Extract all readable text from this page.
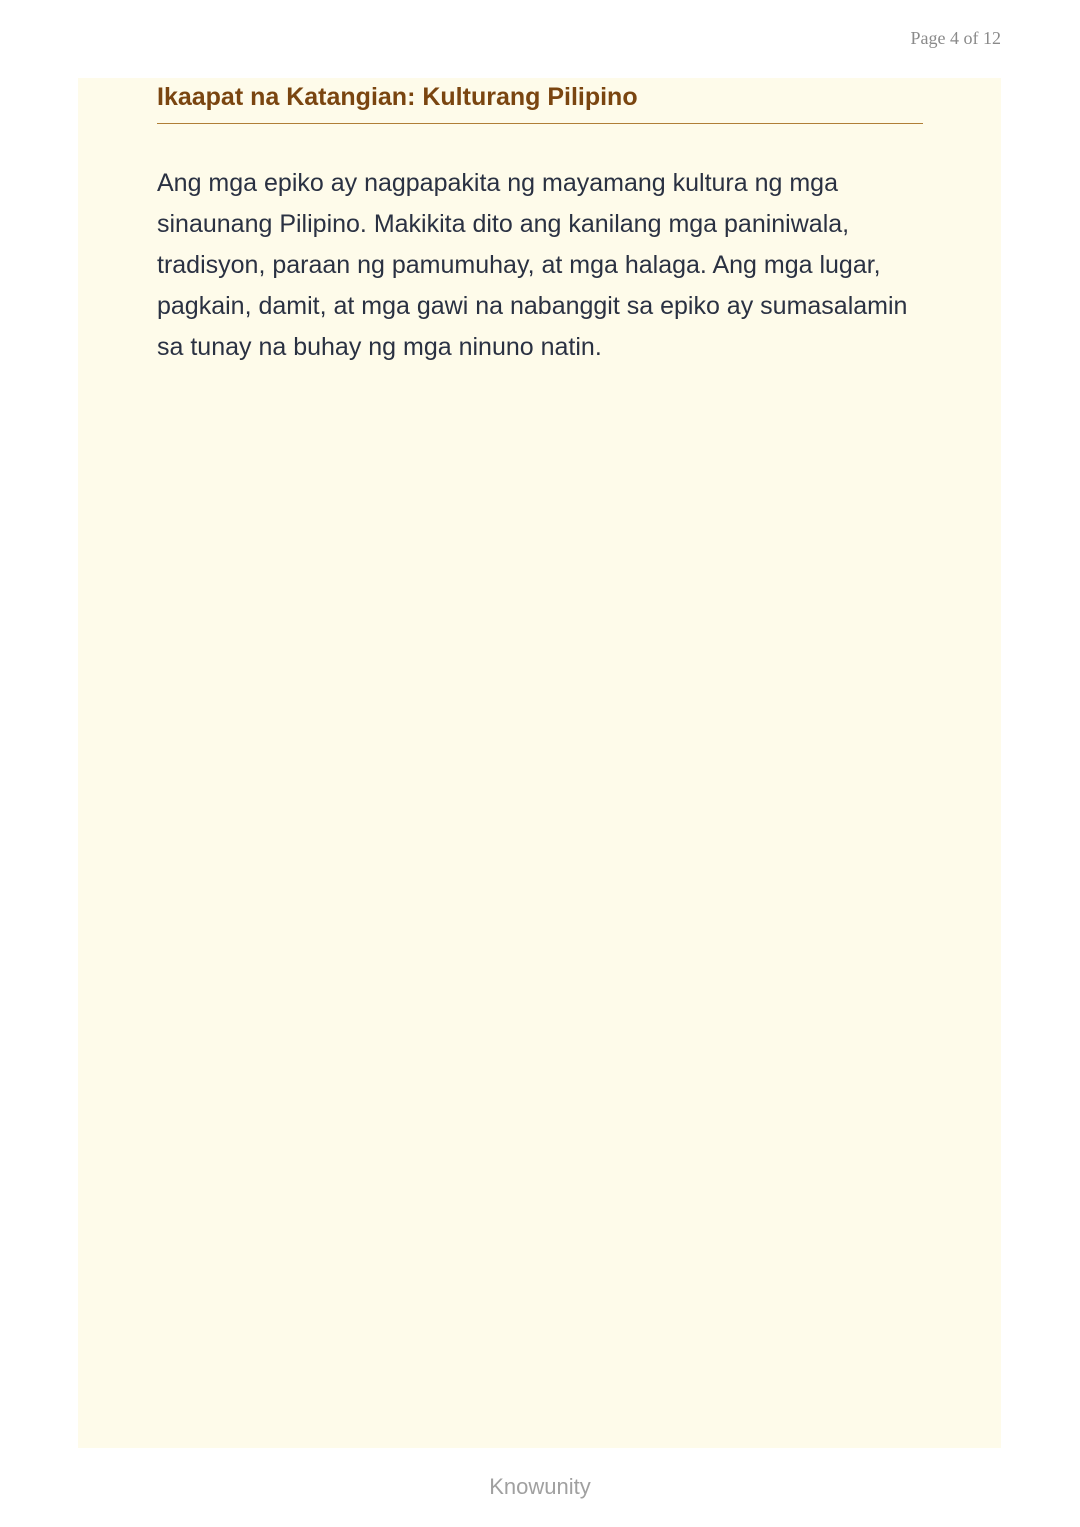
Page 4 of 12
Ikaapat na Katangian: Kulturang Pilipino

Ang mga epiko ay nagpapakita ng mayamang kultura ng mga
sinaunang Pilipino. Makikita dito ang kanilang mga paniniwala,
tradisyon, paraan ng pamumuhay, at mga halaga. Ang mga lugar,
pagkain, damit, at mga gawi na nabanggit sa epiko ay sumasalamin
sa tunay na buhay ng mga ninuno natin.

Knowunity
